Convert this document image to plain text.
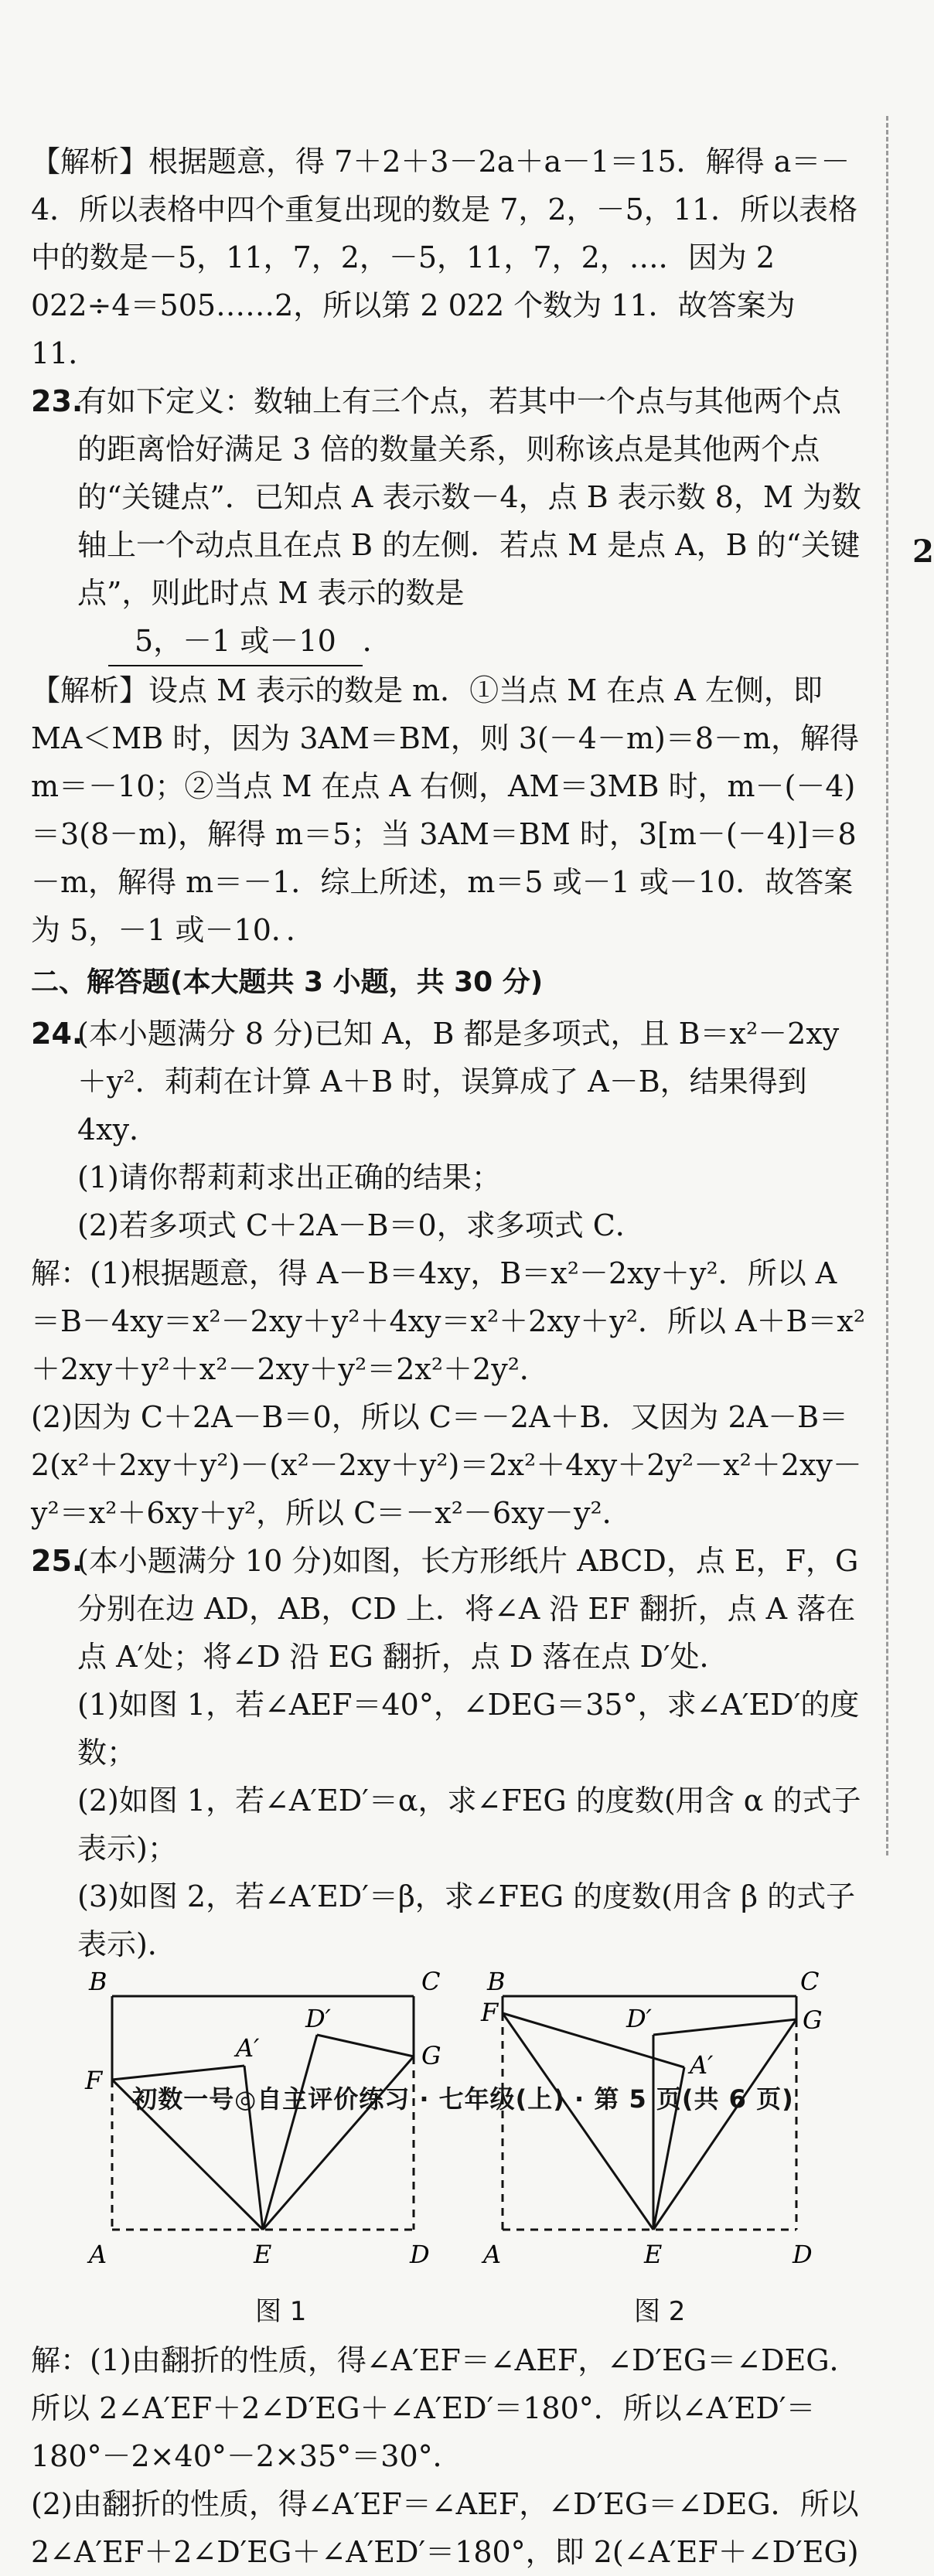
2

【解析】根据题意，得 7＋2＋3－2a＋a－1＝15．解得 a＝－4．所以表格中四个重复出现的数是 7，2，－5，11．所以表格中的数是－5，11，7，2，－5，11，7，2，…．因为 2 022÷4＝505……2，所以第 2 022 个数为 11．故答案为 11．

23.
有如下定义：数轴上有三个点，若其中一个点与其他两个点的距离恰好满足 3 倍的数量关系，则称该点是其他两个点的“关键点”．已知点 A 表示数－4，点 B 表示数 8，M 为数轴上一个动点且在点 B 的左侧．若点 M 是点 A，B 的“关键点”，则此时点 M 表示的数是
5，－1 或－10 ．

【解析】设点 M 表示的数是 m．①当点 M 在点 A 左侧，即 MA＜MB 时，因为 3AM＝BM，则 3(－4－m)＝8－m，解得 m＝－10；②当点 M 在点 A 右侧，AM＝3MB 时，m－(－4)＝3(8－m)，解得 m＝5；当 3AM＝BM 时，3[m－(－4)]＝8－m，解得 m＝－1．综上所述，m＝5 或－1 或－10．故答案为 5，－1 或－10．．

二、解答题(本大题共 3 小题，共 30 分)
24.
(本小题满分 8 分)已知 A，B 都是多项式，且 B＝x²－2xy＋y²．莉莉在计算 A＋B 时，误算成了 A－B，结果得到 4xy．

(1)请你帮莉莉求出正确的结果；

(2)若多项式 C＋2A－B＝0，求多项式 C．

解：(1)根据题意，得 A－B＝4xy，B＝x²－2xy＋y²．所以 A＝B－4xy＝x²－2xy＋y²＋4xy＝x²＋2xy＋y²．所以 A＋B＝x²＋2xy＋y²＋x²－2xy＋y²＝2x²＋2y²．

(2)因为 C＋2A－B＝0，所以 C＝－2A＋B．又因为 2A－B＝2(x²＋2xy＋y²)－(x²－2xy＋y²)＝2x²＋4xy＋2y²－x²＋2xy－y²＝x²＋6xy＋y²，所以 C＝－x²－6xy－y²．

25.
(本小题满分 10 分)如图，长方形纸片 ABCD，点 E，F，G 分别在边 AD，AB，CD 上．将∠A 沿 EF 翻折，点 A 落在点 A′处；将∠D 沿 EG 翻折，点 D 落在点 D′处．

(1)如图 1，若∠AEF＝40°，∠DEG＝35°，求∠A′ED′的度数；

(2)如图 1，若∠A′ED′＝α，求∠FEG 的度数(用含 α 的式子表示)；

(3)如图 2，若∠A′ED′＝β，求∠FEG 的度数(用含 β 的式子表示)．

B	C
D′
A′
F
G
A	E	D
B	C
D′
A′
F	G
A	E	D
图 1	图 2

解：(1)由翻折的性质，得∠A′EF＝∠AEF，∠D′EG＝∠DEG．所以 2∠A′EF＋2∠D′EG＋∠A′ED′＝180°．所以∠A′ED′＝180°－2×40°－2×35°＝30°．

(2)由翻折的性质，得∠A′EF＝∠AEF，∠D′EG＝∠DEG．所以 2∠A′EF＋2∠D′EG＋∠A′ED′＝180°，即 2(∠A′EF＋∠D′EG)

初数一号◎自主评价练习 · 七年级(上) · 第 5 页(共 6 页)
